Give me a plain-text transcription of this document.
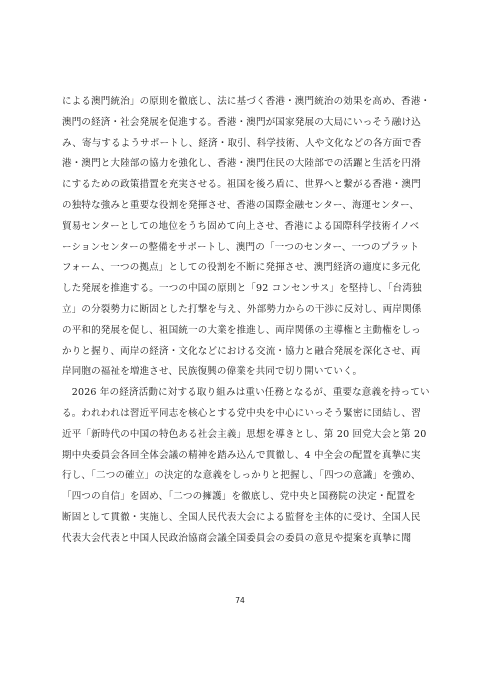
による澳門統治」の原則を徹底し、法に基づく香港・澳門統治の効果を高め、香港・
澳門の経済・社会発展を促進する。香港・澳門が国家発展の大局にいっそう融け込
み、寄与するようサポートし、経済・取引、科学技術、人や文化などの各方面で香
港・澳門と大陸部の協力を強化し、香港・澳門住民の大陸部での活躍と生活を円滑
にするための政策措置を充実させる。祖国を後ろ盾に、世界へと繋がる香港・澳門
の独特な強みと重要な役割を発揮させ、香港の国際金融センター、海運センター、
貿易センターとしての地位をうち固めて向上させ、香港による国際科学技術イノベ
ーションセンターの整備をサポートし、澳門の「一つのセンター、一つのプラット
フォーム、一つの拠点」としての役割を不断に発揮させ、澳門経済の適度に多元化
した発展を推進する。一つの中国の原則と「92 コンセンサス」を堅持し、「台湾独
立」の分裂勢力に断固とした打撃を与え、外部勢力からの干渉に反対し、両岸関係
の平和的発展を促し、祖国統一の大業を推進し、両岸関係の主導権と主動権をしっ
かりと握り、両岸の経済・文化などにおける交流・協力と融合発展を深化させ、両
岸同胞の福祉を増進させ、民族復興の偉業を共同で切り開いていく。
　2026 年の経済活動に対する取り組みは重い任務となるが、重要な意義を持ってい
る。われわれは習近平同志を核心とする党中央を中心にいっそう緊密に団結し、習
近平「新時代の中国の特色ある社会主義」思想を導きとし、第 20 回党大会と第 20
期中央委員会各回全体会議の精神を踏み込んで貫徹し、4 中全会の配置を真摯に実
行し、「二つの確立」の決定的な意義をしっかりと把握し、「四つの意識」を強め、
「四つの自信」を固め、「二つの擁護」を徹底し、党中央と国務院の決定・配置を
断固として貫徹・実施し、全国人民代表大会による監督を主体的に受け、全国人民
代表大会代表と中国人民政治協商会議全国委員会の委員の意見や提案を真摯に聞
74
